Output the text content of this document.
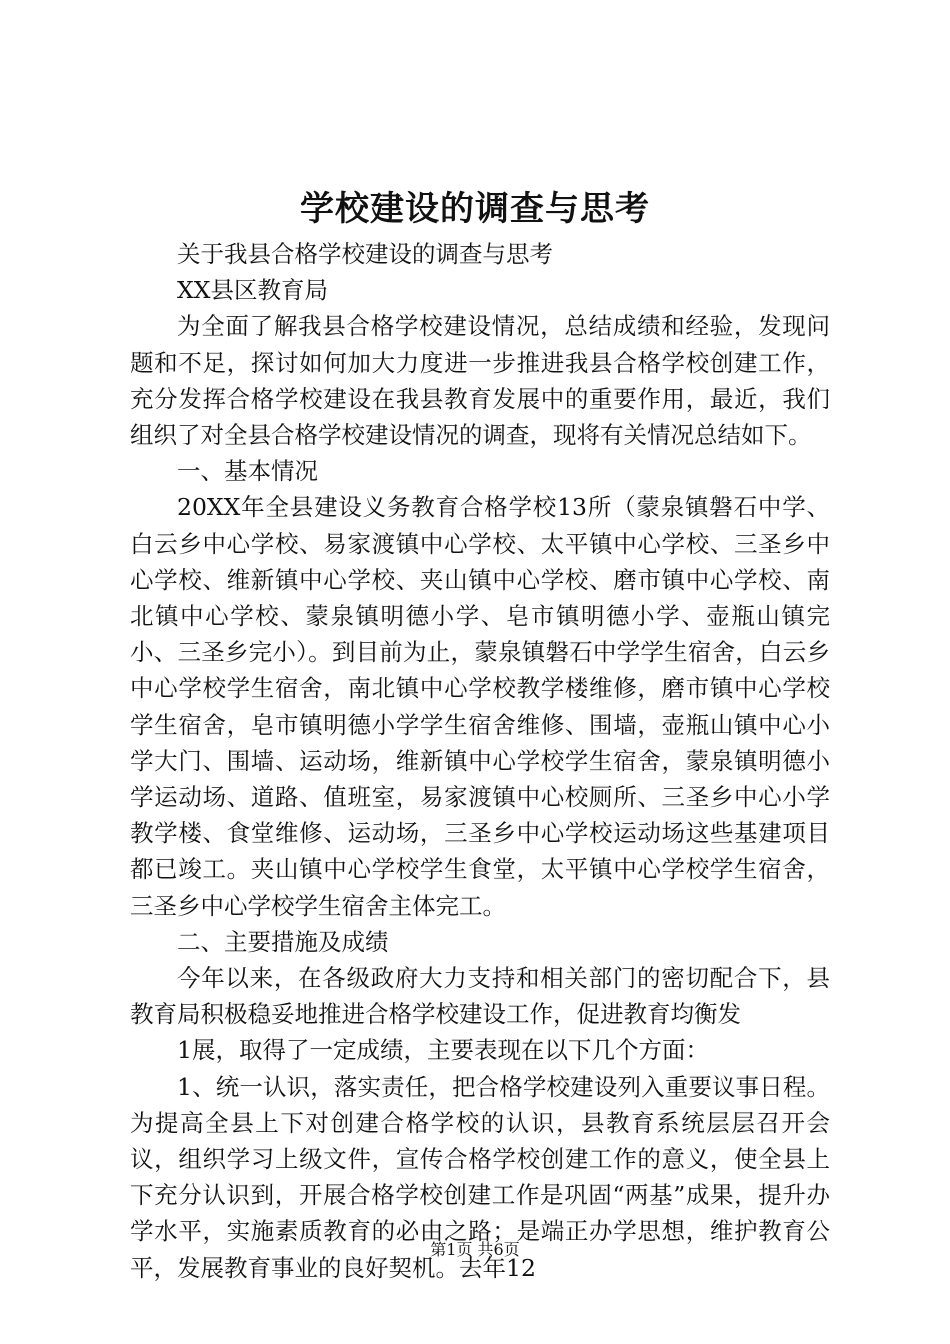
学校建设的调查与思考

关于我县合格学校建设的调查与思考

XX县区教育局

为全面了解我县合格学校建设情况，总结成绩和经验，发现问题和不足，探讨如何加大力度进一步推进我县合格学校创建工作，充分发挥合格学校建设在我县教育发展中的重要作用，最近，我们组织了对全县合格学校建设情况的调查，现将有关情况总结如下。

一、基本情况

20XX年全县建设义务教育合格学校13所（蒙泉镇磐石中学、白云乡中心学校、易家渡镇中心学校、太平镇中心学校、三圣乡中心学校、维新镇中心学校、夹山镇中心学校、磨市镇中心学校、南北镇中心学校、蒙泉镇明德小学、皂市镇明德小学、壶瓶山镇完小、三圣乡完小）。到目前为止，蒙泉镇磐石中学学生宿舍，白云乡中心学校学生宿舍，南北镇中心学校教学楼维修，磨市镇中心学校学生宿舍，皂市镇明德小学学生宿舍维修、围墙，壶瓶山镇中心小学大门、围墙、运动场，维新镇中心学校学生宿舍，蒙泉镇明德小学运动场、道路、值班室，易家渡镇中心校厕所、三圣乡中心小学教学楼、食堂维修、运动场，三圣乡中心学校运动场这些基建项目都已竣工。夹山镇中心学校学生食堂，太平镇中心学校学生宿舍，三圣乡中心学校学生宿舍主体完工。

二、主要措施及成绩

今年以来，在各级政府大力支持和相关部门的密切配合下，县教育局积极稳妥地推进合格学校建设工作，促进教育均衡发

1展，取得了一定成绩，主要表现在以下几个方面：

1、统一认识，落实责任，把合格学校建设列入重要议事日程。为提高全县上下对创建合格学校的认识，县教育系统层层召开会议，组织学习上级文件，宣传合格学校创建工作的意义，使全县上下充分认识到，开展合格学校创建工作是巩固“两基”成果，提升办学水平，实施素质教育的必由之路；是端正办学思想，维护教育公平，发展教育事业的良好契机。去年12

第1页 共6页
